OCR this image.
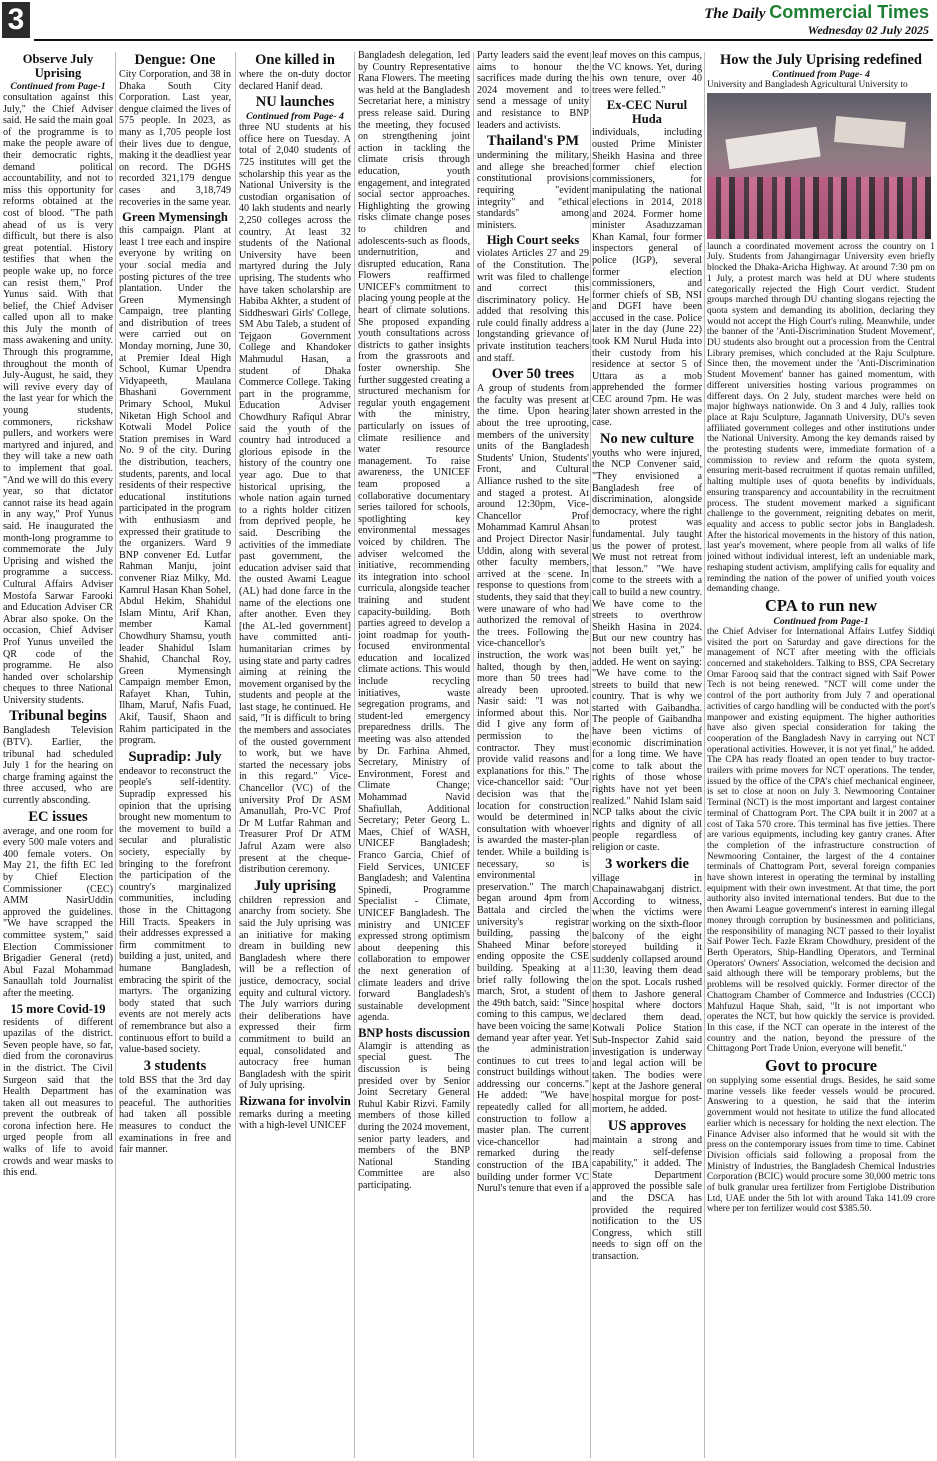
3	The Daily Commercial Times
Wednesday 02 July 2025
Observe July Uprising
Continued from Page-1

consultation against this July," the Chief Adviser said. He said the main goal of the programme is to make the people aware of their democratic rights, demand political accountability, and not to miss this opportunity for reforms obtained at the cost of blood. "The path ahead of us is very difficult, but there is also great potential. History testifies that when the people wake up, no force can resist them," Prof Yunus said. With that belief, the Chief Adviser called upon all to make this July the month of mass awakening and unity. Through this programme, throughout the month of July-August, he said, they will revive every day of the last year for which the young students, commoners, rickshaw pullers, and workers were martyred and injured, and they will take a new oath to implement that goal. "And we will do this every year, so that dictator cannot raise its head again in any way," Prof Yunus said. He inaugurated the month-long programme to commemorate the July Uprising and wished the programme a success. Cultural Affairs Adviser Mostofa Sarwar Farooki and Education Adviser CR Abrar also spoke. On the occasion, Chief Adviser Prof Yunus unveiled the QR code of the programme. He also handed over scholarship cheques to three National University students.

Tribunal begins

Bangladesh Television (BTV). Earlier, the tribunal had scheduled July 1 for the hearing on charge framing against the three accused, who are currently absconding.

EC issues

average, and one room for every 500 male voters and 400 female voters. On May 21, the fifth EC led by Chief Election Commissioner (CEC) AMM NasirUddin approved the guidelines. "We have scrapped the committee system," said Election Commissioner Brigadier General (retd) Abul Fazal Mohammad Sanaullah told Journalist after the meeting.

15 more Covid-19

residents of different upazilas of the district. Seven people have, so far, died from the coronavirus in the district. The Civil Surgeon said that the Health Department has taken all out measures to prevent the outbreak of corona infection here. He urged people from all walks of life to avoid crowds and wear masks to this end.

Dengue: One

City Corporation, and 38 in Dhaka South City Corporation. Last year, dengue claimed the lives of 575 people. In 2023, as many as 1,705 people lost their lives due to dengue, making it the deadliest year on record. The DGHS recorded 321,179 dengue cases and 3,18,749 recoveries in the same year.

Green Mymensingh

this campaign. Plant at least 1 tree each and inspire everyone by writing on your social media and posting pictures of the tree plantation. Under the Green Mymensingh Campaign, tree planting and distribution of trees were carried out on Monday morning, June 30, at Premier Ideal High School, Kumar Upendra Vidyapeeth, Maulana Bhashani Government Primary School, Mukul Niketan High School and Kotwali Model Police Station premises in Ward No. 9 of the city. During the distribution, teachers, students, parents, and local residents of their respective educational institutions participated in the program with enthusiasm and expressed their gratitude to the organizers. Ward 9 BNP convener Ed. Lutfar Rahman Manju, joint convener Riaz Milky, Md. Kamrul Hasan Khan Sohel, Abdul Hekim, Shahidul Islam Mintu, Arif Khan, member Kamal Chowdhury Shamsu, youth leader Shahidul Islam Shahid, Chanchal Roy, Green Mymensingh Campaign member Emon, Rafayet Khan, Tuhin, Ilham, Maruf, Nafis Fuad, Akif, Tausif, Shaon and Rahim participated in the program.

Supradip: July

endeavor to reconstruct the people's self-identity. Supradip expressed his opinion that the uprising brought new momentum to the movement to build a secular and pluralistic society, especially by bringing to the forefront the participation of the country's marginalized communities, including those in the Chittagong Hill Tracts. Speakers in their addresses expressed a firm commitment to building a just, united, and humane Bangladesh, embracing the spirit of the martyrs. The organizing body stated that such events are not merely acts of remembrance but also a continuous effort to build a value-based society.

3 students

told BSS that the 3rd day of the examination was peaceful. The authorities had taken all possible measures to conduct the examinations in free and fair manner.

One killed in

where the on-duty doctor declared Hanif dead.

NU launches
Continued from Page- 4

three NU students at his office here on Tuesday. A total of 2,040 students of 725 institutes will get the scholarship this year as the National University is the custodian organisation of 40 lakh students and nearly 2,250 colleges across the country. At least 32 students of the National University have been martyred during the July uprising. The students who have taken scholarship are Habiba Akhter, a student of Siddheswari Girls' College, SM Abu Taleb, a student of Tejgaon Government College and Khandoker Mahmudul Hasan, a student of Dhaka Commerce College. Taking part in the programme, Education Adviser Chowdhury Rafiqul Abrar said the youth of the country had introduced a glorious episode in the history of the country one year ago. Due to that historical uprising, the whole nation again turned to a rights holder citizen from deprived people, he said. Describing the activities of the immediate past government, the education adviser said that the ousted Awami League (AL) had done farce in the name of the elections one after another. Even they [the AL-led government] have committed anti-humanitarian crimes by using state and party cadres aiming at reining the movement organised by the students and people at the last stage, he continued. He said, "It is difficult to bring the members and associates of the ousted government to work, but we have started the necessary jobs in this regard." Vice-Chancellor (VC) of the university Prof Dr ASM Amanullah, Pro-VC Prof Dr M Lutfar Rahman and Treasurer Prof Dr ATM Jafrul Azam were also present at the cheque-distribution ceremony.

July uprising

children repression and anarchy from society. She said the July uprising was an initiative for making dream in building new Bangladesh where there will be a reflection of justice, democracy, social equity and cultural victory. The July warriors during their deliberations have expressed their firm commitment to build an equal, consolidated and autocracy free human Bangladesh with the spirit of July uprising.

Rizwana for involvin

remarks during a meeting with a high-level UNICEF

Bangladesh delegation, led by Country Representative Rana Flowers. The meeting was held at the Bangladesh Secretariat here, a ministry press release said. During the meeting, they focused on strengthening joint action in tackling the climate crisis through education, youth engagement, and integrated social sector approaches. Highlighting the growing risks climate change poses to children and adolescents-such as floods, undernutrition, and disrupted education, Rana Flowers reaffirmed UNICEF's commitment to placing young people at the heart of climate solutions. She proposed expanding youth consultations across districts to gather insights from the grassroots and foster ownership. She further suggested creating a structured mechanism for regular youth engagement with the ministry, particularly on issues of climate resilience and water resource management. To raise awareness, the UNICEF team proposed a collaborative documentary series tailored for schools, spotlighting key environmental messages voiced by children. The adviser welcomed the initiative, recommending its integration into school curricula, alongside teacher training and student capacity-building. Both parties agreed to develop a joint roadmap for youth-focused environmental education and localized climate actions. This would include recycling initiatives, waste segregation programs, and student-led emergency preparedness drills. The meeting was also attended by Dr. Farhina Ahmed, Secretary, Ministry of Environment, Forest and Climate Change; Mohammad Navid Shafiullah, Additional Secretary; Peter Georg L. Maes, Chief of WASH, UNICEF Bangladesh; Franco Garcia, Chief of Field Services, UNICEF Bangladesh; and Valentina Spinedi, Programme Specialist - Climate, UNICEF Bangladesh. The ministry and UNICEF expressed strong optimism about deepening this collaboration to empower the next generation of climate leaders and drive forward Bangladesh's sustainable development agenda.

BNP hosts discussion

Alamgir is attending as special guest. The discussion is being presided over by Senior Joint Secretary General Ruhul Kabir Rizvi. Family members of those killed during the 2024 movement, senior party leaders, and members of the BNP National Standing Committee are also participating.

Party leaders said the event aims to honour the sacrifices made during the 2024 movement and to send a message of unity and resistance to BNP leaders and activists.

Thailand's PM

undermining the military, and allege she breached constitutional provisions requiring "evident integrity" and "ethical standards" among ministers.

High Court seeks

violates Articles 27 and 29 of the Constitution. The writ was filed to challenge and correct this discriminatory policy. He added that resolving this rule could finally address a longstanding grievance of private institution teachers and staff.

Over 50 trees

A group of students from the faculty was present at the time. Upon hearing about the tree uprooting, members of the university units of the Bangladesh Students' Union, Students' Front, and Cultural Alliance rushed to the site and staged a protest. At around 12:30pm, Vice-Chancellor Prof Mohammad Kamrul Ahsan and Project Director Nasir Uddin, along with several other faculty members, arrived at the scene. In response to questions from students, they said that they were unaware of who had authorized the removal of the trees. Following the vice-chancellor's instruction, the work was halted, though by then, more than 50 trees had already been uprooted. Nasir said: "I was not informed about this. Nor did I give any form of permission to the contractor. They must provide valid reasons and explanations for this." The vice-chancellor said: "Our decision was that the location for construction would be determined in consultation with whoever is awarded the master-plan tender. While a building is necessary, so is environmental preservation." The march began around 4pm from Battala and circled the university's registrar building, passing the Shaheed Minar before ending opposite the CSE building. Speaking at a brief rally following the march, Srot, a student of the 49th batch, said: "Since coming to this campus, we have been voicing the same demand year after year. Yet the administration continues to cut trees to construct buildings without addressing our concerns." He added: "We have repeatedly called for all construction to follow a master plan. The current vice-chancellor had remarked during the construction of the IBA building under former VC Nurul's tenure that even if a

leaf moves on this campus, the VC knows. Yet, during his own tenure, over 40 trees were felled."

Ex-CEC Nurul Huda

individuals, including ousted Prime Minister Sheikh Hasina and three former chief election commissioners, for manipulating the national elections in 2014, 2018 and 2024. Former home minister Asaduzzaman Khan Kamal, four former inspectors general of police (IGP), several former election commissioners, and former chiefs of SB, NSI and DGFI have been accused in the case. Police later in the day (June 22) took KM Nurul Huda into their custody from his residence at sector 5 of Uttara as a mob apprehended the former CEC around 7pm. He was later shown arrested in the case.

No new culture

youths who were injured, the NCP Convener said, "They envisioned a Bangladesh free of discrimination, alongside democracy, where the right to protest was fundamental. July taught us the power of protest. We must not retreat from that lesson." "We have come to the streets with a call to build a new country. We have come to the streets to overthrow Sheikh Hasina in 2024. But our new country has not been built yet," he added. He went on saying: "We have come to the streets to build that new country. That is why we started with Gaibandha. The people of Gaibandha have been victims of economic discrimination for a long time. We have come to talk about the rights of those whose rights have not yet been realized." Nahid Islam said NCP talks about the civic rights and dignity of all people regardless of religion or caste.

3 workers die

village in Chapainawabganj district. According to witness, when the victims were working on the sixth-floor balcony of the eight storeyed building it suddenly collapsed around 11:30, leaving them dead on the spot. Locals rushed them to Jashore general hospital where doctors declared them dead. Kotwali Police Station Sub-Inspector Zahid said investigation is underway and legal action will be taken. The bodies were kept at the Jashore general hospital morgue for post-mortem, he added.

US approves

maintain a strong and ready self-defense capability," it added. The State Department approved the possible sale and the DSCA has provided the required notification to the US Congress, which still needs to sign off on the transaction.

How the July Uprising redefined
Continued from Page- 4

University and Bangladesh Agricultural University to

launch a coordinated movement across the country on 1 July. Students from Jahangirnagar University even briefly blocked the Dhaka-Aricha Highway. At around 7:30 pm on 1 July, a protest march was held at DU where students categorically rejected the High Court verdict. Student groups marched through DU chanting slogans rejecting the quota system and demanding its abolition, declaring they would not accept the High Court's ruling. Meanwhile, under the banner of the 'Anti-Discrimination Student Movement', DU students also brought out a procession from the Central Library premises, which concluded at the Raju Sculpture. Since then, the movement under the 'Anti-Discrimination Student Movement' banner has gained momentum, with different universities hosting various programmes on different days. On 2 July, student marches were held on major highways nationwide. On 3 and 4 July, rallies took place at Raju Sculpture, Jagannath University, DU's seven affiliated government colleges and other institutions under the National University. Among the key demands raised by the protesting students were, immediate formation of a commission to review and reform the quota system, ensuring merit-based recruitment if quotas remain unfilled, halting multiple uses of quota benefits by individuals, ensuring transparency and accountability in the recruitment process. The student movement marked a significant challenge to the government, reigniting debates on merit, equality and access to public sector jobs in Bangladesh. After the historical movements in the history of this nation, last year's movement, where people from all walks of life joined without individual interest, left an undeniable mark, reshaping student activism, amplifying calls for equality and reminding the nation of the power of unified youth voices demanding change.

CPA to run new
Continued from Page-1

the Chief Adviser for International Affairs Lutfey Siddiqi visited the port on Saturday and gave directions for the management of NCT after meeting with the officials concerned and stakeholders. Talking to BSS, CPA Secretary Omar Farooq said that the contract signed with Saif Power Tech is not being renewed. "NCT will come under the control of the port authority from July 7 and operational activities of cargo handling will be conducted with the port's manpower and existing equipment. The higher authorities have also given special consideration for taking the cooperation of the Bangladesh Navy in carrying out NCT operational activities. However, it is not yet final," he added. The CPA has ready floated an open tender to buy tractor-trailers with prime movers for NCT operations. The tender, issued by the office of the CPA's chief mechanical engineer, is set to close at noon on July 3. Newmooring Container Terminal (NCT) is the most important and largest container terminal of Chattogram Port. The CPA built it in 2007 at a cost of Taka 570 crore. This terminal has five jetties. There are various equipments, including key gantry cranes. After the completion of the infrastructure construction of Newmooring Container, the largest of the 4 container terminals of Chattogram Port, several foreign companies have shown interest in operating the terminal by installing equipment with their own investment. At that time, the port authority also invited international tenders. But due to the then Awami League government's interest in earning illegal money through corruption by businessmen and politicians, the responsibility of managing NCT passed to their loyalist Saif Power Tech. Fazle Ekram Chowdhury, president of the Berth Operators, Ship-Handling Operators, and Terminal Operators' Owners' Association, welcomed the decision and said although there will be temporary problems, but the problems will be resolved quickly. Former director of the Chattogram Chamber of Commerce and Industries (CCCI) Mahfuzul Haque Shah, said, "It is not important who operates the NCT, but how quickly the service is provided. In this case, if the NCT can operate in the interest of the country and the nation, beyond the pressure of the Chittagong Port Trade Union, everyone will benefit."

Govt to procure

on supplying some essential drugs. Besides, he said some marine vessels like feeder vessels would be procured. Answering to a question, he said that the interim government would not hesitate to utilize the fund allocated earlier which is necessary for holding the next election. The Finance Adviser also informed that he would sit with the press on the contemporary issues from time to time. Cabinet Division officials said following a proposal from the Ministry of Industries, the Bangladesh Chemical Industries Corporation (BCIC) would procure some 30,000 metric tons of bulk granular urea fertilizer from Fertiglobe Distribution Ltd, UAE under the 5th lot with around Taka 141.09 crore where per ton fertilizer would cost $385.50.
